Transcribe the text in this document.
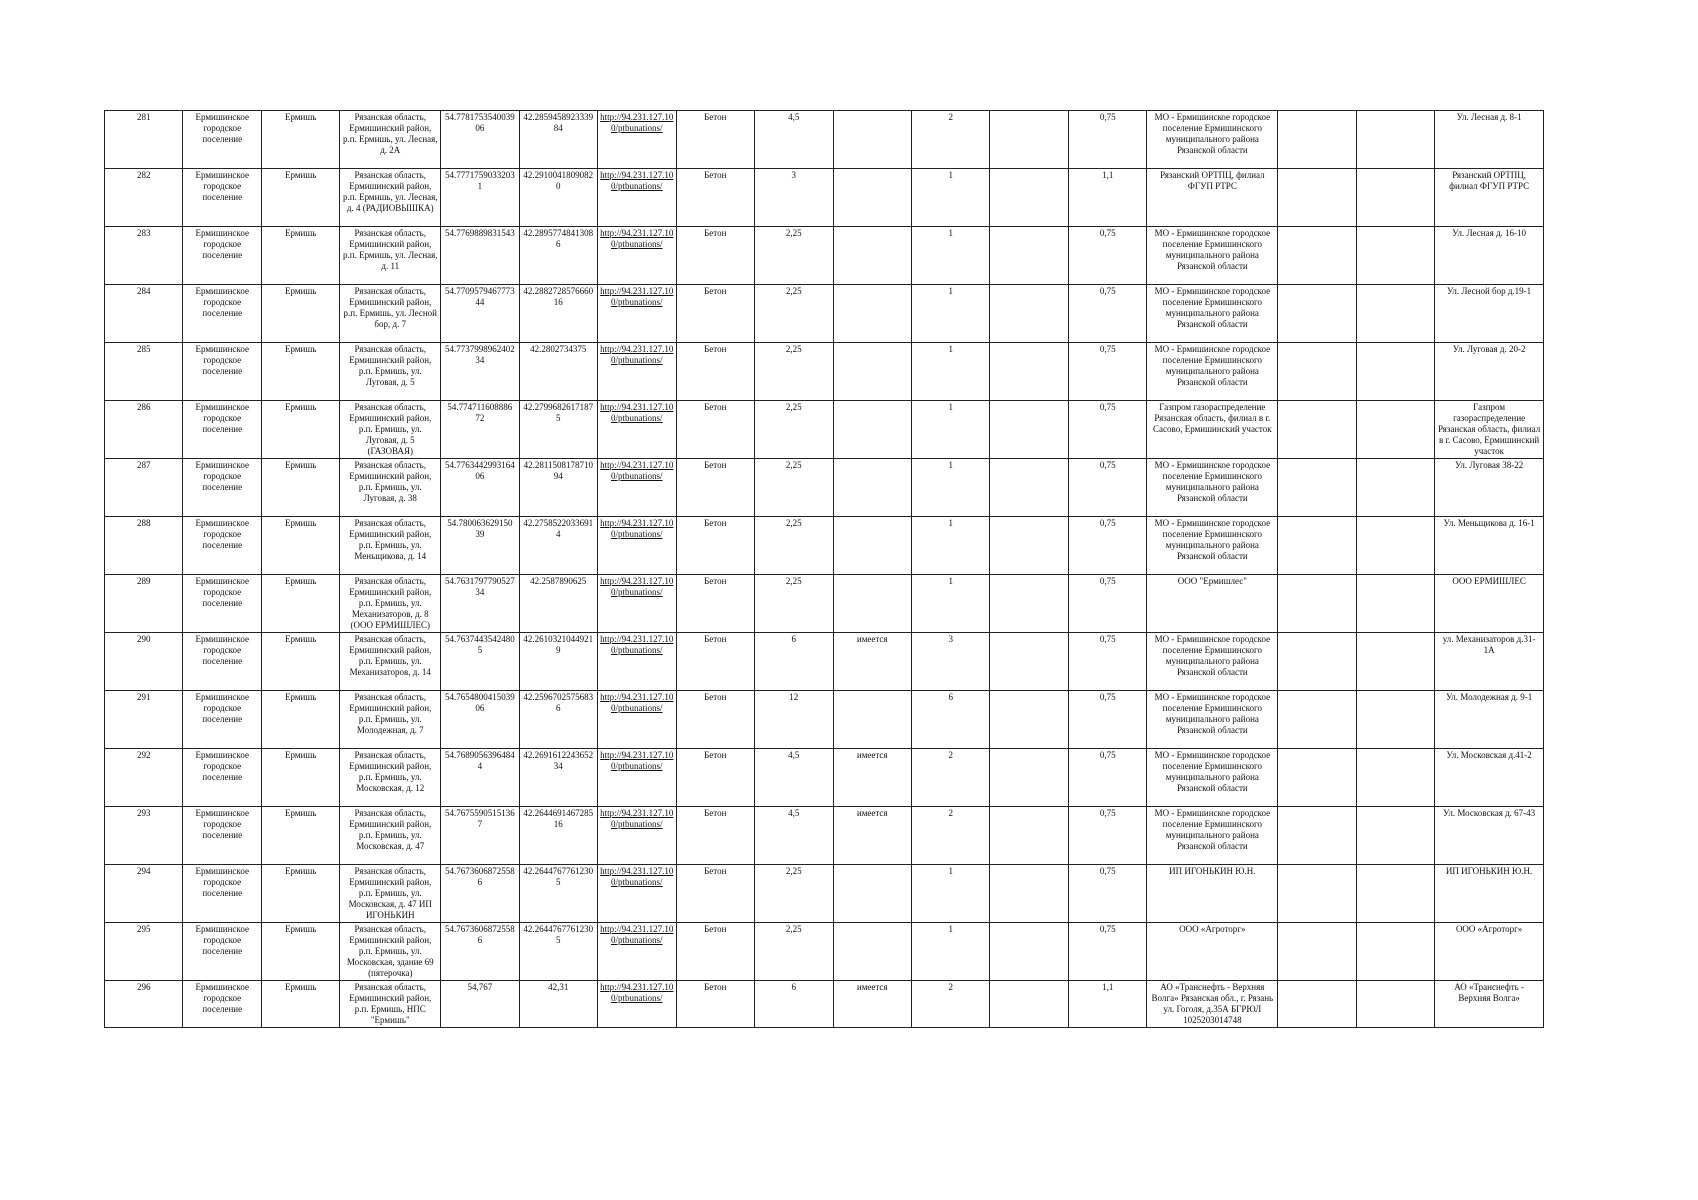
281	Ермишинское городское поселение	Ермишь	Рязанская область, Ермишинский район, р.п. Ермишь, ул. Лесная, д. 2А	54.778175354003906	42.2859458923339 84	http://94.231.127.100/ptbunations/	Бетон	4,5		2		0,75	МО - Ермишинское городское поселение Ермишинского муниципального района Рязанской области			Ул. Лесная д. 8-1
282	Ермишинское городское поселение	Ермишь	Рязанская область, Ермишинский район, р.п. Ермишь, ул. Лесная, д. 4 (РАДИОВЫШКА)	54.77717590332031	42.29100418090820	http://94.231.127.100/ptbunations/	Бетон	3		1		1,1	Рязанский ОРТПЦ, филиал ФГУП РТРС			Рязанский ОРТПЦ, филиал ФГУП РТРС
283	Ермишинское городское поселение	Ермишь	Рязанская область, Ермишинский район, р.п. Ермишь, ул. Лесная, д. 11	54.7769889831543	42.28957748413086	http://94.231.127.100/ptbunations/	Бетон	2,25		1		0,75	МО - Ермишинское городское поселение Ермишинского муниципального района Рязанской области			Ул. Лесная д. 16-10
284	Ермишинское городское поселение	Ермишь	Рязанская область, Ермишинский район, р.п. Ермишь, ул. Лесной бор, д. 7	54.7709579467773 44	42.2882728576660 16	http://94.231.127.100/ptbunations/	Бетон	2,25		1		0,75	МО - Ермишинское городское поселение Ермишинского муниципального района Рязанской области			Ул. Лесной бор д.19-1
285	Ермишинское городское поселение	Ермишь	Рязанская область, Ермишинский район, р.п. Ермишь, ул. Луговая, д. 5	54.7737998962402 34	42.2802734375	http://94.231.127.100/ptbunations/	Бетон	2,25		1		0,75	МО - Ермишинское городское поселение Ермишинского муниципального района Рязанской области			Ул. Луговая д. 20-2
286	Ермишинское городское поселение	Ермишь	Рязанская область, Ермишинский район, р.п. Ермишь, ул. Луговая, д. 5 (ГАЗОВАЯ)	54.774711608886 72	42.2799682617187 5	http://94.231.127.100/ptbunations/	Бетон	2,25		1		0,75	Газпром газораспределение Рязанская область, филиал в г. Сасово, Ермишинский участок			Газпром газораспределение Рязанская область, филиал в г. Сасово, Ермишинский участок
287	Ермишинское городское поселение	Ермишь	Рязанская область, Ермишинский район, р.п. Ермишь, ул. Луговая, д. 38	54.7763442993164 06	42.2811508178710 94	http://94.231.127.100/ptbunations/	Бетон	2,25		1		0,75	МО - Ермишинское городское поселение Ермишинского муниципального района Рязанской области			Ул. Луговая 38-22
288	Ермишинское городское поселение	Ермишь	Рязанская область, Ермишинский район, р.п. Ермишь, ул. Меньщикова, д. 14	54.780063629150 39	42.2758522033691 4	http://94.231.127.100/ptbunations/	Бетон	2,25		1		0,75	МО - Ермишинское городское поселение Ермишинского муниципального района Рязанской области			Ул. Меньщикова д. 16-1
289	Ермишинское городское поселение	Ермишь	Рязанская область, Ермишинский район, р.п. Ермишь, ул. Механизаторов, д. 8 (ООО ЕРМИШЛЕС)	54.7631797790527 34	42.2587890625	http://94.231.127.100/ptbunations/	Бетон	2,25		1		0,75	ООО "Ермишлес"			ООО ЕРМИШЛЕС
290	Ермишинское городское поселение	Ермишь	Рязанская область, Ермишинский район, р.п. Ермишь, ул. Механизаторов, д. 14	54.7637443542480 5	42.2610321044921 9	http://94.231.127.100/ptbunations/	Бетон	6	имеется	3		0,75	МО - Ермишинское городское поселение Ермишинского муниципального района Рязанской области			ул. Механизаторов д.31-1А
291	Ермишинское городское поселение	Ермишь	Рязанская область, Ермишинский район, р.п. Ермишь, ул. Молодежная, д. 7	54.7654800415039 06	42.2596702575683 6	http://94.231.127.100/ptbunations/	Бетон	12		6		0,75	МО - Ермишинское городское поселение Ермишинского муниципального района Рязанской области			Ул. Молодежная д. 9-1
292	Ермишинское городское поселение	Ермишь	Рязанская область, Ермишинский район, р.п. Ермишь, ул. Московская, д. 12	54.7689056396484 4	42.2691612243652 34	http://94.231.127.100/ptbunations/	Бетон	4,5	имеется	2		0,75	МО - Ермишинское городское поселение Ермишинского муниципального района Рязанской области			Ул. Московская д.41-2
293	Ермишинское городское поселение	Ермишь	Рязанская область, Ермишинский район, р.п. Ермишь, ул. Московская, д. 47	54.7675590515136 7	42.2644691467285 16	http://94.231.127.100/ptbunations/	Бетон	4,5	имеется	2		0,75	МО - Ермишинское городское поселение Ермишинского муниципального района Рязанской области			Ул. Московская д. 67-43
294	Ермишинское городское поселение	Ермишь	Рязанская область, Ермишинский район, р.п. Ермишь, ул. Московская, д. 47 ИП ИГОНЬКИН	54.7673606872558 6	42.2644767761230 5	http://94.231.127.100/ptbunations/	Бетон	2,25		1		0,75	ИП ИГОНЬКИН Ю.Н.			ИП ИГОНЬКИН Ю.Н.
295	Ермишинское городское поселение	Ермишь	Рязанская область, Ермишинский район, р.п. Ермишь, ул. Московская, здание 69 (пятерочка)	54.7673606872558 6	42.2644767761230 5	http://94.231.127.100/ptbunations/	Бетон	2,25		1		0,75	ООО «Агроторг»			ООО «Агроторг»
296	Ермишинское городское поселение	Ермишь	Рязанская область, Ермишинский район, р.п. Ермишь, НПС "Ермишь"	54,767	42,31	http://94.231.127.100/ptbunations/	Бетон	6	имеется	2		1,1	АО «Транснефть - Верхняя Волга» Рязанская обл., г. Рязань ул. Гоголя, д.35А БГРЮЛ 1025203014748			АО «Транснефть - Верхняя Волга»
